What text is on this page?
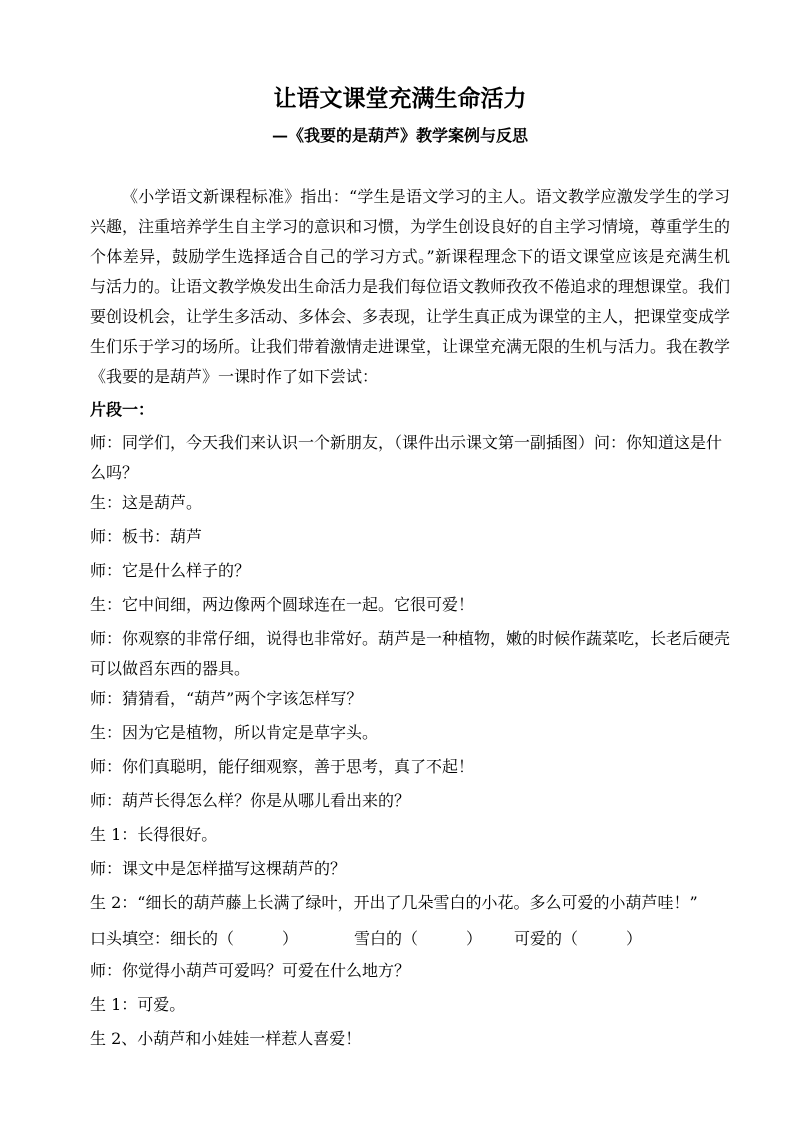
让语文课堂充满生命活力
—《我要的是葫芦》教学案例与反思

《小学语文新课程标准》指出：“学生是语文学习的主人。语文教学应激发学生的学习兴趣，注重培养学生自主学习的意识和习惯，为学生创设良好的自主学习情境，尊重学生的个体差异，鼓励学生选择适合自己的学习方式。”新课程理念下的语文课堂应该是充满生机与活力的。让语文教学焕发出生命活力是我们每位语文教师孜孜不倦追求的理想课堂。我们要创设机会，让学生多活动、多体会、多表现，让学生真正成为课堂的主人，把课堂变成学生们乐于学习的场所。让我们带着激情走进课堂，让课堂充满无限的生机与活力。我在教学《我要的是葫芦》一课时作了如下尝试：

片段一：

师：同学们，今天我们来认识一个新朋友，（课件出示课文第一副插图）问：你知道这是什么吗？

生：这是葫芦。

师：板书：葫芦

师：它是什么样子的？

生：它中间细，两边像两个圆球连在一起。它很可爱！

师：你观察的非常仔细，说得也非常好。葫芦是一种植物，嫩的时候作蔬菜吃，长老后硬壳可以做舀东西的器具。

师：猜猜看，“葫芦”两个字该怎样写？

生：因为它是植物，所以肯定是草字头。

师：你们真聪明，能仔细观察，善于思考，真了不起！

师：葫芦长得怎么样？你是从哪儿看出来的？

生 1：长得很好。

师：课文中是怎样描写这棵葫芦的？

生 2：“细长的葫芦藤上长满了绿叶，开出了几朵雪白的小花。多么可爱的小葫芦哇！”

口头填空：细长的（　　　）	雪白的（　　　） 可爱的（　　　）

师：你觉得小葫芦可爱吗？可爱在什么地方？

生 1：可爱。

生 2、小葫芦和小娃娃一样惹人喜爱！
